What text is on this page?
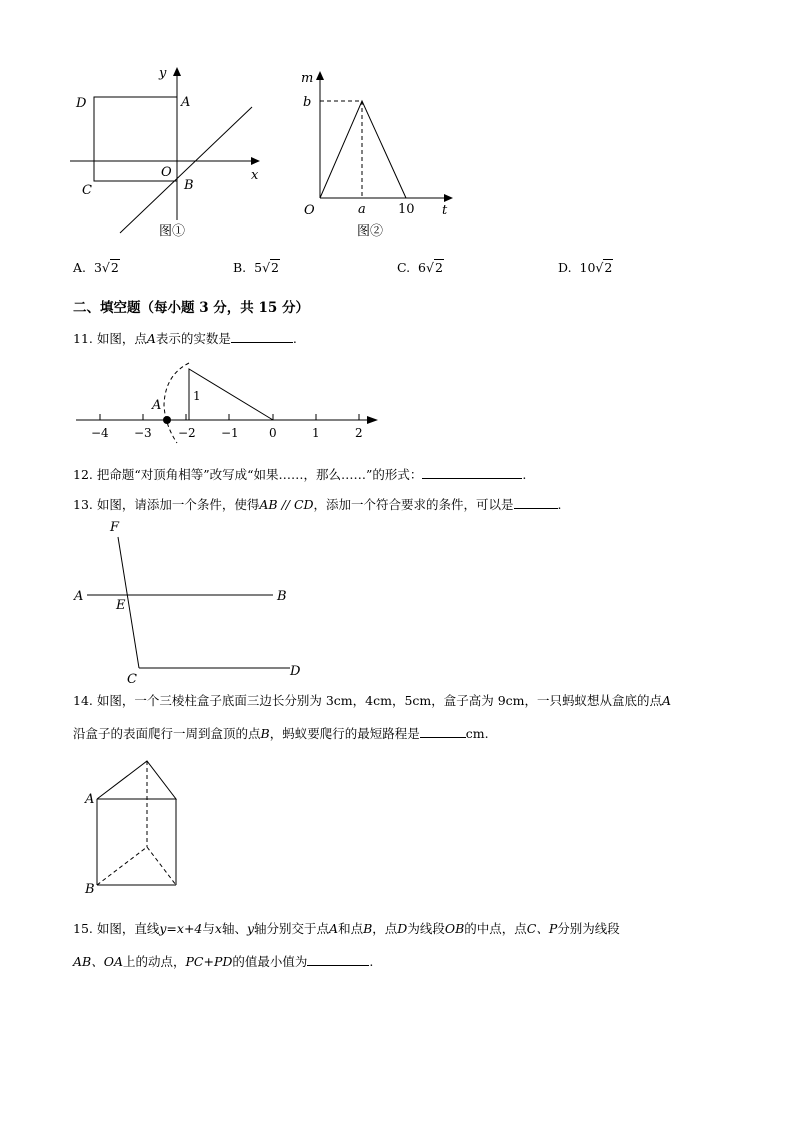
y
D	A
O	x
C	B
图①
m
b
O	a 10 t
图②
A. 3√2	B. 5√2	C. 6√2	D. 10√2
二、填空题（每小题 3 分，共 15 分）
11. 如图，点A表示的实数是	.
A
1
−4 −3 −2 −1	0	1	2
12. 把命题“对顶角相等”改写成“如果……，那么……”的形式：	.
13. 如图，请添加一个条件，使得AB // CD，添加一个符合要求的条件，可以是	.
F
A
E
B
C
D
14. 如图，一个三棱柱盒子底面三边长分别为 3cm，4cm，5cm，盒子高为 9cm，一只蚂蚁想从盒底的点A
沿盒子的表面爬行一周到盒顶的点B，蚂蚁要爬行的最短路程是	cm.
A
B
15. 如图，直线y=x+4与x轴、y轴分别交于点A和点B，点D为线段OB的中点，点C、P分别为线段
AB、OA上的动点，PC+PD的值最小值为	.
